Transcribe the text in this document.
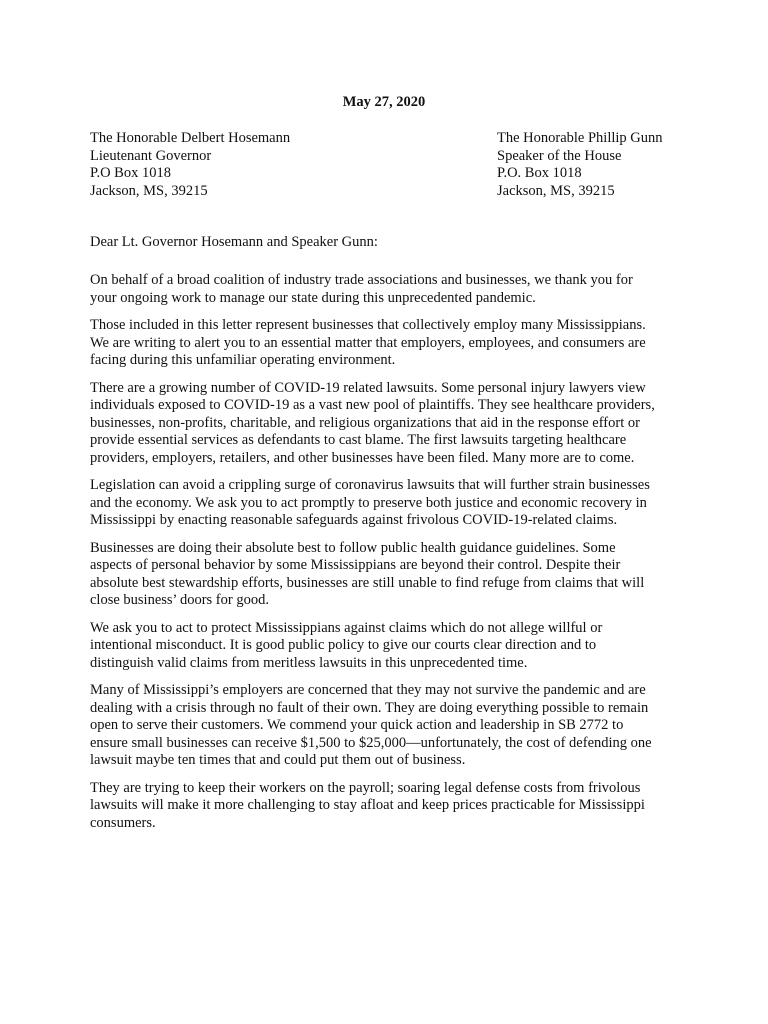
May 27, 2020
The Honorable Delbert Hosemann
Lieutenant Governor
P.O Box 1018
Jackson, MS, 39215
The Honorable Phillip Gunn
Speaker of the House
P.O. Box 1018
Jackson, MS, 39215
Dear Lt. Governor Hosemann and Speaker Gunn:
On behalf of a broad coalition of industry trade associations and businesses, we thank you for
your ongoing work to manage our state during this unprecedented pandemic.
Those included in this letter represent businesses that collectively employ many Mississippians.
We are writing to alert you to an essential matter that employers, employees, and consumers are
facing during this unfamiliar operating environment.
There are a growing number of COVID-19 related lawsuits. Some personal injury lawyers view
individuals exposed to COVID-19 as a vast new pool of plaintiffs. They see healthcare providers,
businesses, non-profits, charitable, and religious organizations that aid in the response effort or
provide essential services as defendants to cast blame. The first lawsuits targeting healthcare
providers, employers, retailers, and other businesses have been filed. Many more are to come.
Legislation can avoid a crippling surge of coronavirus lawsuits that will further strain businesses
and the economy. We ask you to act promptly to preserve both justice and economic recovery in
Mississippi by enacting reasonable safeguards against frivolous COVID-19-related claims.
Businesses are doing their absolute best to follow public health guidance guidelines. Some
aspects of personal behavior by some Mississippians are beyond their control. Despite their
absolute best stewardship efforts, businesses are still unable to find refuge from claims that will
close business’ doors for good.
We ask you to act to protect Mississippians against claims which do not allege willful or
intentional misconduct. It is good public policy to give our courts clear direction and to
distinguish valid claims from meritless lawsuits in this unprecedented time.
Many of Mississippi’s employers are concerned that they may not survive the pandemic and are
dealing with a crisis through no fault of their own. They are doing everything possible to remain
open to serve their customers. We commend your quick action and leadership in SB 2772 to
ensure small businesses can receive $1,500 to $25,000—unfortunately, the cost of defending one
lawsuit maybe ten times that and could put them out of business.
They are trying to keep their workers on the payroll; soaring legal defense costs from frivolous
lawsuits will make it more challenging to stay afloat and keep prices practicable for Mississippi
consumers.
